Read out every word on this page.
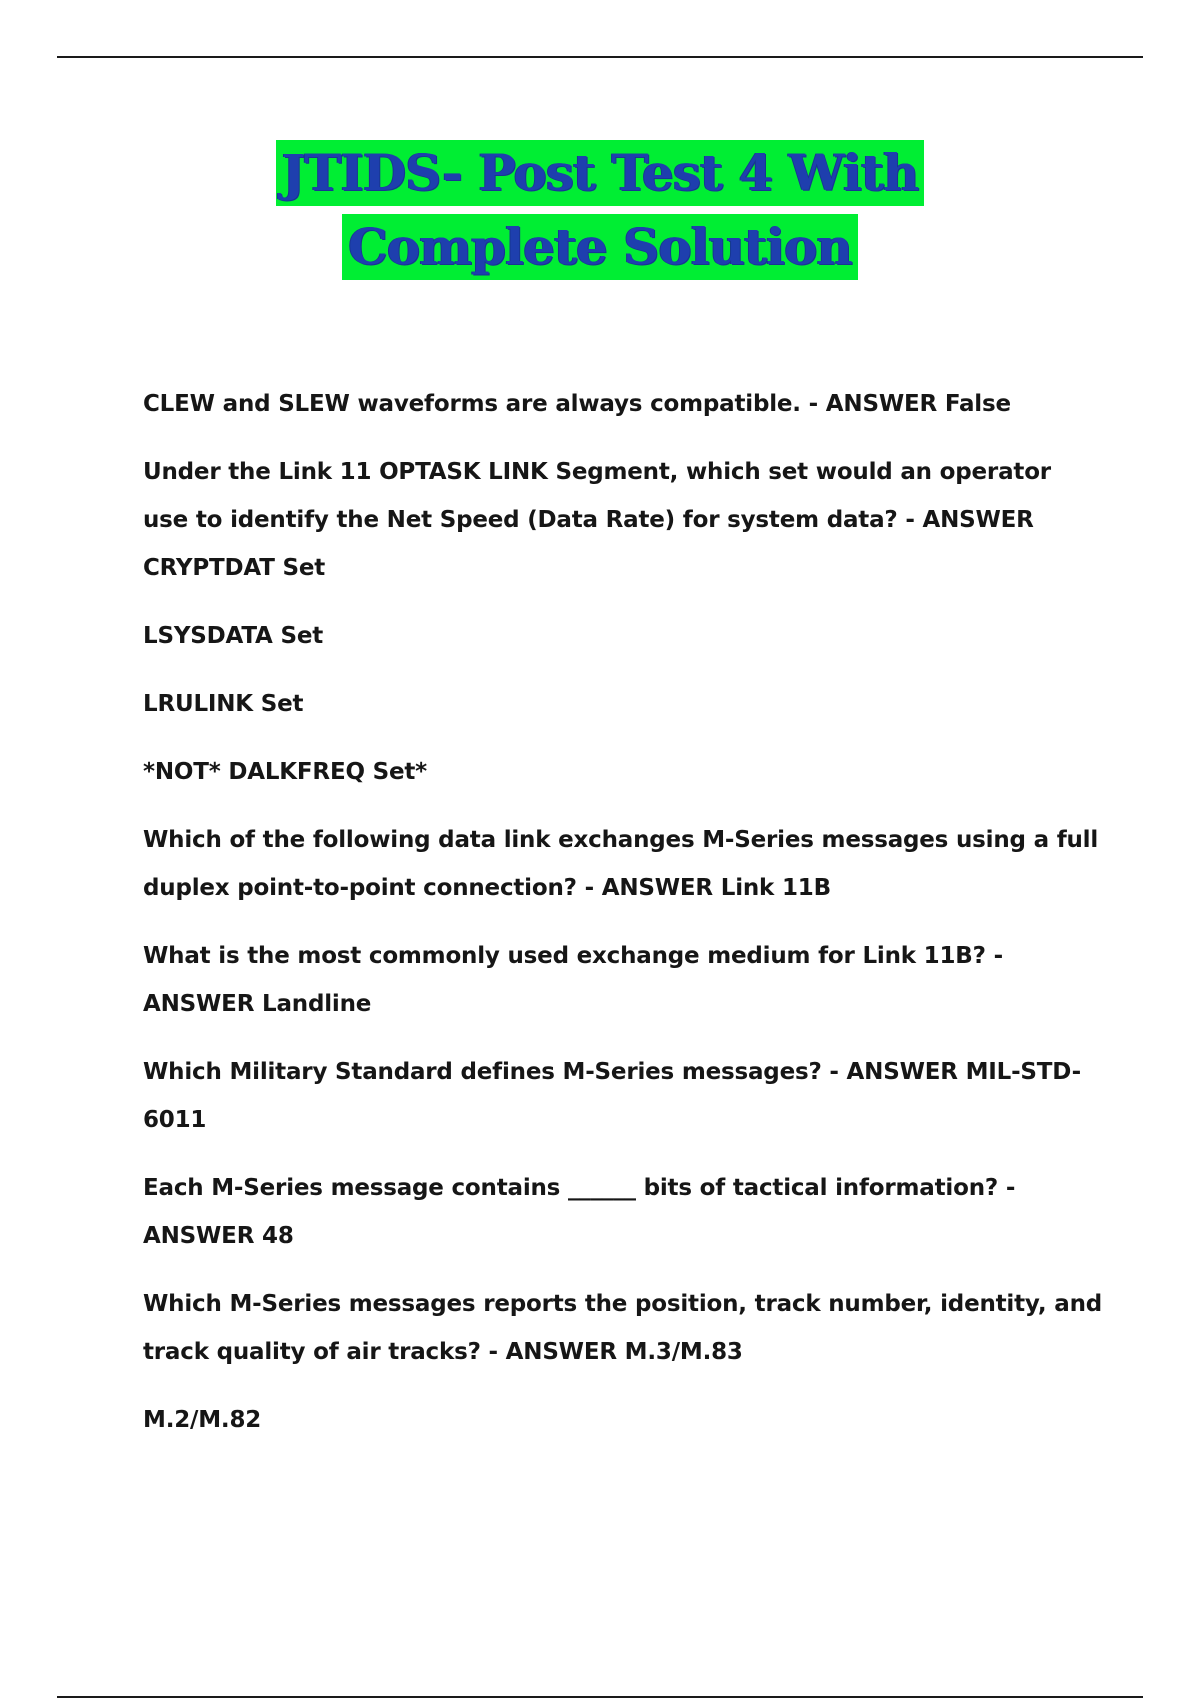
JTIDS- Post Test 4 With
Complete Solution

CLEW and SLEW waveforms are always compatible. - ANSWER False

Under the Link 11 OPTASK LINK Segment, which set would an operator use to identify the Net Speed (Data Rate) for system data? - ANSWER CRYPTDAT Set

LSYSDATA Set

LRULINK Set

*NOT* DALKFREQ Set*

Which of the following data link exchanges M-Series messages using a full duplex point-to-point connection? - ANSWER Link 11B

What is the most commonly used exchange medium for Link 11B? - ANSWER Landline

Which Military Standard defines M-Series messages? - ANSWER MIL-STD-6011

Each M-Series message contains ______ bits of tactical information? - ANSWER 48

Which M-Series messages reports the position, track number, identity, and track quality of air tracks? - ANSWER M.3/M.83

M.2/M.82
